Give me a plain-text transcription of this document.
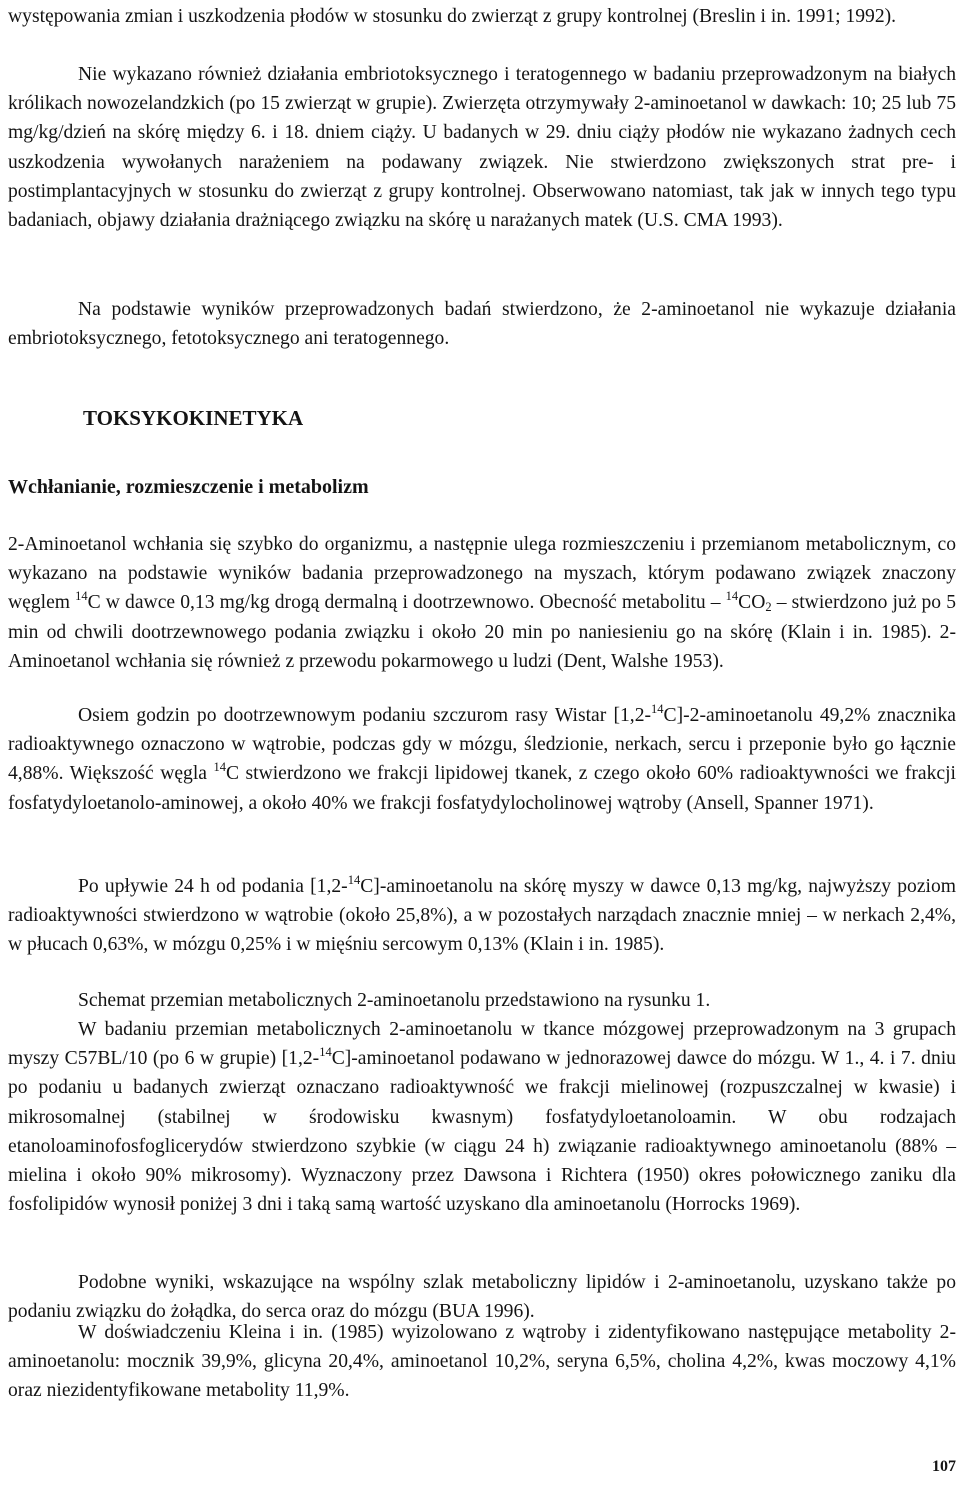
występowania zmian i uszkodzenia płodów w stosunku do zwierząt z grupy kontrolnej (Breslin i in. 1991; 1992).

Nie wykazano również działania embriotoksycznego i teratogennego w badaniu przeprowadzonym na białych królikach nowozelandzkich (po 15 zwierząt w grupie). Zwierzęta otrzymywały 2-aminoetanol w dawkach: 10; 25 lub 75 mg/kg/dzień na skórę między 6. i 18. dniem ciąży. U badanych w 29. dniu ciąży płodów nie wykazano żadnych cech uszkodzenia wywołanych narażeniem na podawany związek. Nie stwierdzono zwiększonych strat pre- i postimplantacyjnych w stosunku do zwierząt z grupy kontrolnej. Obserwowano natomiast, tak jak w innych tego typu badaniach, objawy działania drażniącego związku na skórę u narażanych matek (U.S. CMA 1993).

Na podstawie wyników przeprowadzonych badań stwierdzono, że 2-aminoetanol nie wykazuje działania embriotoksycznego, fetotoksycznego ani teratogennego.

TOKSYKOKINETYKA
Wchłanianie, rozmieszczenie i metabolizm

2-Aminoetanol wchłania się szybko do organizmu, a następnie ulega rozmieszczeniu i przemianom metabolicznym, co wykazano na podstawie wyników badania przeprowadzonego na myszach, którym podawano związek znaczony węglem $^{14}$C w dawce 0,13 mg/kg drogą dermalną i dootrzewnowo. Obecność metabolitu – $^{14}CO_2$ – stwierdzono już po 5 min od chwili dootrzewnowego podania związku i około 20 min po naniesieniu go na skórę (Klain i in. 1985). 2-Aminoetanol wchłania się również z przewodu pokarmowego u ludzi (Dent, Walshe 1953).

Osiem godzin po dootrzewnowym podaniu szczurom rasy Wistar [1,2-$^{14}$C]-2-aminoetanolu 49,2% znacznika radioaktywnego oznaczono w wątrobie, podczas gdy w mózgu, śledzionie, nerkach, sercu i przeponie było go łącznie 4,88%. Większość węgla $^{14}$C stwierdzono we frakcji lipidowej tkanek, z czego około 60% radioaktywności we frakcji fosfatydyloetanolo-aminowej, a około 40% we frakcji fosfatydylocholinowej wątroby (Ansell, Spanner 1971).

Po upływie 24 h od podania [1,2-$^{14}$C]-aminoetanolu na skórę myszy w dawce 0,13 mg/kg, najwyższy poziom radioaktywności stwierdzono w wątrobie (około 25,8%), a w pozostałych narządach znacznie mniej – w nerkach 2,4%, w płucach 0,63%, w mózgu 0,25% i w mięśniu sercowym 0,13% (Klain i in. 1985).

Schemat przemian metabolicznych 2-aminoetanolu przedstawiono na rysunku 1.

W badaniu przemian metabolicznych 2-aminoetanolu w tkance mózgowej przeprowadzonym na 3 grupach myszy C57BL/10 (po 6 w grupie) [1,2-$^{14}$C]-aminoetanol podawano w jednorazowej dawce do mózgu. W 1., 4. i 7. dniu po podaniu u badanych zwierząt oznaczano radioaktywność we frakcji mielinowej (rozpuszczalnej w kwasie) i mikrosomalnej (stabilnej w środowisku kwasnym) fosfatydyloetanoloamin. W obu rodzajach etanoloaminofosfoglicerydów stwierdzono szybkie (w ciągu 24 h) związanie radioaktywnego aminoetanolu (88% – mielina i około 90% mikrosomy). Wyznaczony przez Dawsona i Richtera (1950) okres połowicznego zaniku dla fosfolipidów wynosił poniżej 3 dni i taką samą wartość uzyskano dla aminoetanolu (Horrocks 1969).

Podobne wyniki, wskazujące na wspólny szlak metaboliczny lipidów i 2-aminoetanolu, uzyskano także po podaniu związku do żołądka, do serca oraz do mózgu (BUA 1996).

W doświadczeniu Kleina i in. (1985) wyizolowano z wątroby i zidentyfikowano następujące metabolity 2-aminoetanolu: mocznik 39,9%, glicyna 20,4%, aminoetanol 10,2%, seryna 6,5%, cholina 4,2%, kwas moczowy 4,1% oraz niezidentyfikowane metabolity 11,9%.

107
